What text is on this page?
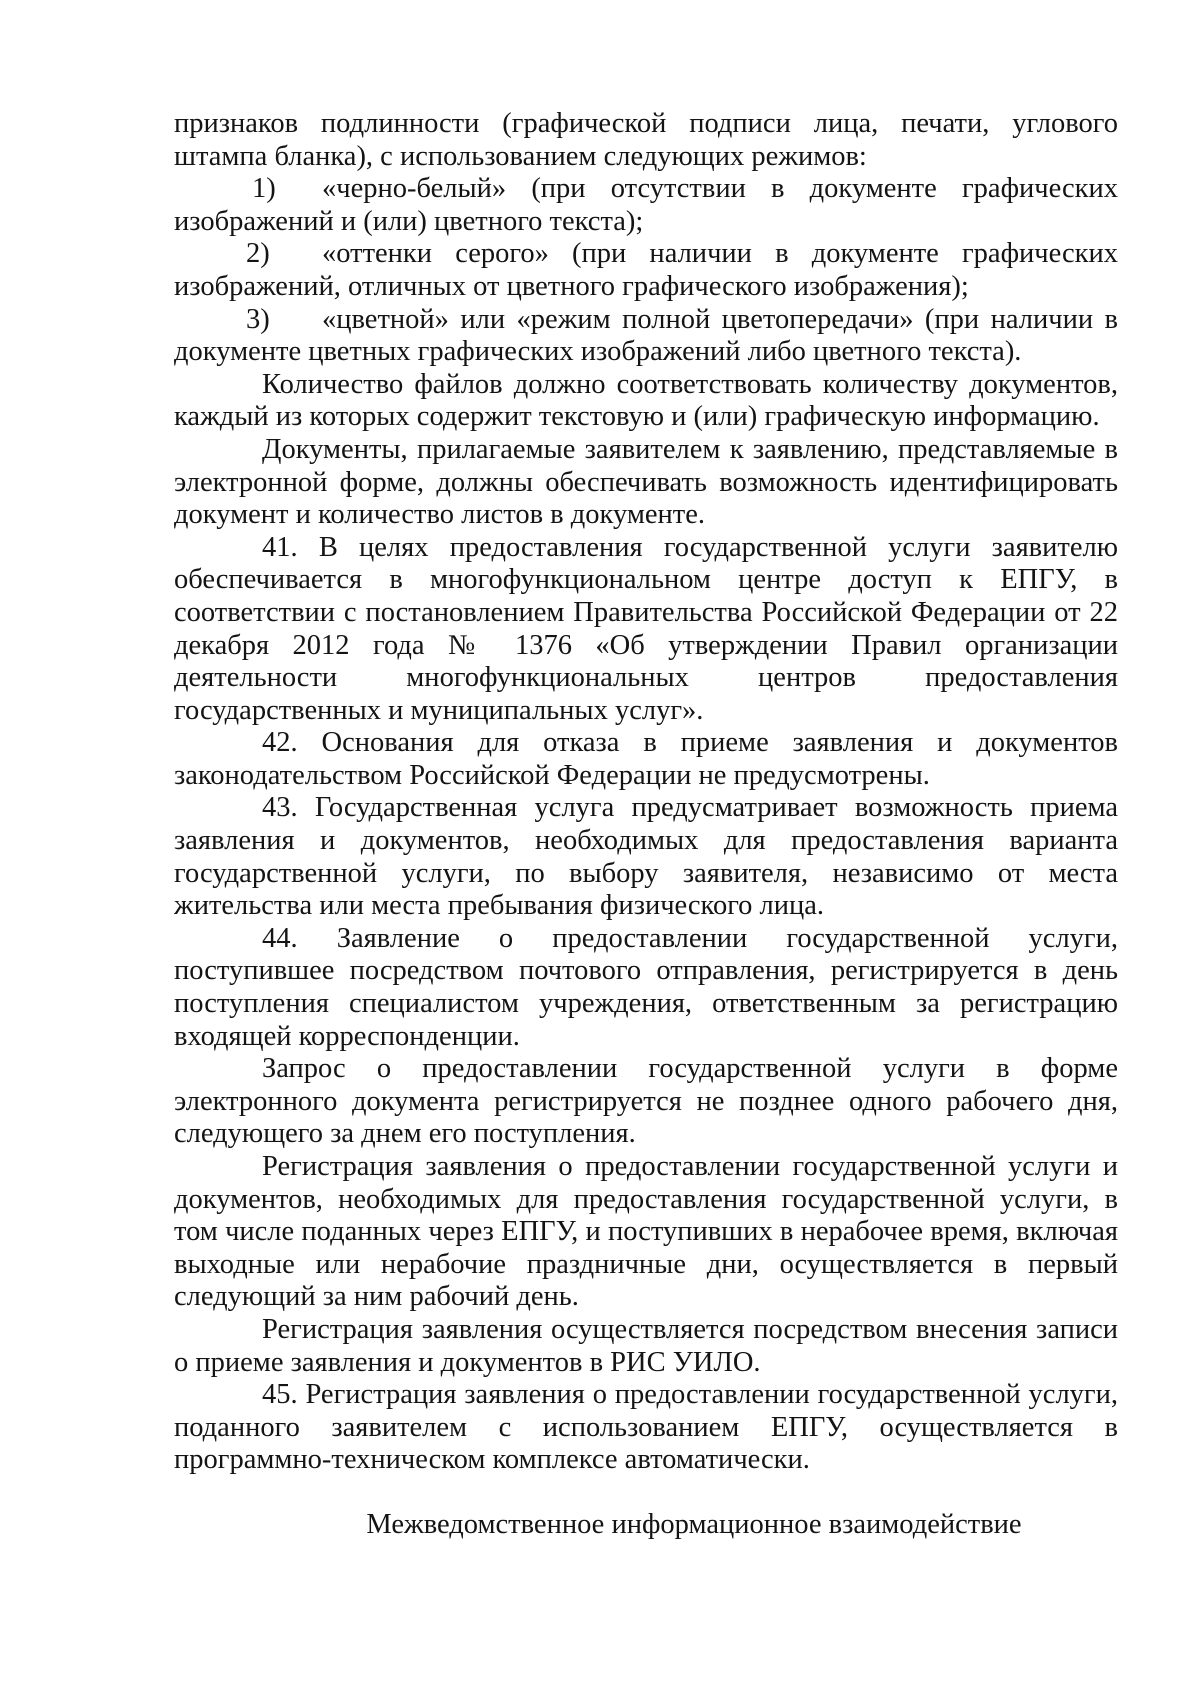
признаков подлинности (графической подписи лица, печати, углового штампа бланка), с использованием следующих режимов:

1) «черно-белый» (при отсутствии в документе графических изображений и (или) цветного текста);

2) «оттенки серого» (при наличии в документе графических изображений, отличных от цветного графического изображения);

3) «цветной» или «режим полной цветопередачи» (при наличии в документе цветных графических изображений либо цветного текста).

Количество файлов должно соответствовать количеству документов, каждый из которых содержит текстовую и (или) графическую информацию.

Документы, прилагаемые заявителем к заявлению, представляемые в электронной форме, должны обеспечивать возможность идентифицировать документ и количество листов в документе.

41. В целях предоставления государственной услуги заявителю обеспечивается в многофункциональном центре доступ к ЕПГУ, в соответствии с постановлением Правительства Российской Федерации от 22 декабря 2012 года № 1376 «Об утверждении Правил организации деятельности многофункциональных центров предоставления государственных и муниципальных услуг».

42. Основания для отказа в приеме заявления и документов законодательством Российской Федерации не предусмотрены.

43. Государственная услуга предусматривает возможность приема заявления и документов, необходимых для предоставления варианта государственной услуги, по выбору заявителя, независимо от места жительства или места пребывания физического лица.

44. Заявление о предоставлении государственной услуги, поступившее посредством почтового отправления, регистрируется в день поступления специалистом учреждения, ответственным за регистрацию входящей корреспонденции.

Запрос о предоставлении государственной услуги в форме электронного документа регистрируется не позднее одного рабочего дня, следующего за днем его поступления.

Регистрация заявления о предоставлении государственной услуги и документов, необходимых для предоставления государственной услуги, в том числе поданных через ЕПГУ, и поступивших в нерабочее время, включая выходные или нерабочие праздничные дни, осуществляется в первый следующий за ним рабочий день.

Регистрация заявления осуществляется посредством внесения записи о приеме заявления и документов в РИС УИЛО.

45. Регистрация заявления о предоставлении государственной услуги, поданного заявителем с использованием ЕПГУ, осуществляется в программно-техническом комплексе автоматически.

Межведомственное информационное взаимодействие
